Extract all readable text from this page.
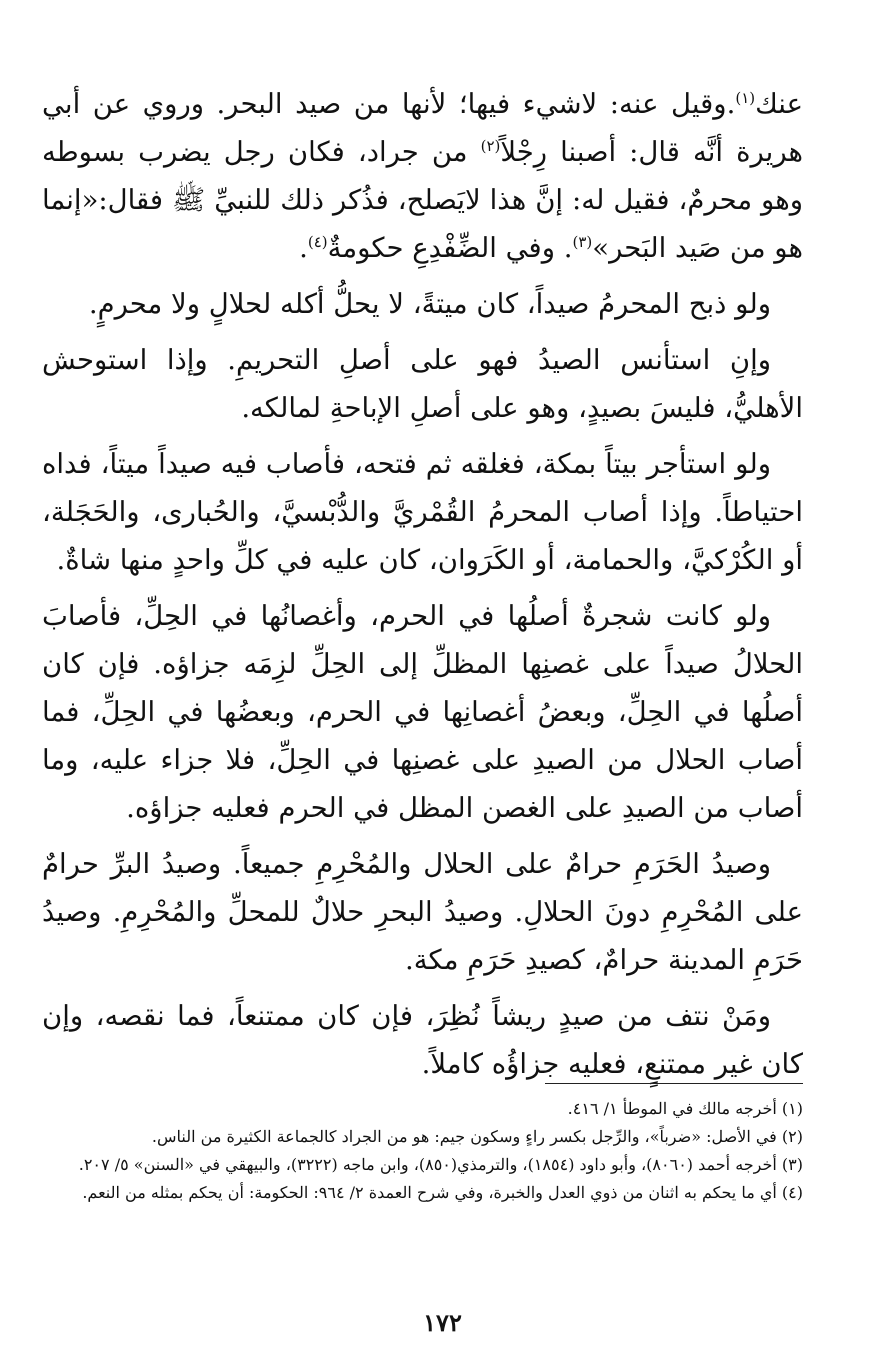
عنك$^{(١)}$.وقيل عنه: لاشيء فيها؛ لأنها من صيد البحر. وروي عن أبي هريرة أنَّه قال: أصبنا رِجْلاً$^{(٢)}$ من جراد، فكان رجل يضرب بسوطه وهو محرمٌ، فقيل له: إنَّ هذا لايَصلح، فذُكر ذلك للنبيِّ ﷺ فقال:«إنما هو من صَيد البَحر»$^{(٣)}$. وفي الضِّفْدِعِ حكومةٌ$^{(٤)}$.

ولو ذبح المحرمُ صيداً، كان ميتةً، لا يحلُّ أكله لحلالٍ ولا محرمٍ.

وإنِ استأنس الصيدُ فهو على أصلِ التحريمِ. وإذا استوحش الأهليُّ، فليسَ بصيدٍ، وهو على أصلِ الإباحةِ لمالكه.

ولو استأجر بيتاً بمكة، فغلقه ثم فتحه، فأصاب فيه صيداً ميتاً، فداه احتياطاً. وإذا أصاب المحرمُ القُمْريَّ والدُّبْسيَّ، والحُبارى، والحَجَلة، أو الكُرْكيَّ، والحمامة، أو الكَرَوان، كان عليه في كلِّ واحدٍ منها شاةٌ.

ولو كانت شجرةٌ أصلُها في الحرم، وأغصانُها في الحِلِّ، فأصابَ الحلالُ صيداً على غصنِها المظلِّ إلى الحِلِّ لزِمَه جزاؤه. فإن كان أصلُها في الحِلِّ، وبعضُ أغصانِها في الحرم، وبعضُها في الحِلِّ، فما أصاب الحلال من الصيدِ على غصنِها في الحِلِّ، فلا جزاء عليه، وما أصاب من الصيدِ على الغصن المظل في الحرم فعليه جزاؤه.

وصيدُ الحَرَمِ حرامٌ على الحلال والمُحْرِمِ جميعاً. وصيدُ البرِّ حرامٌ على المُحْرِمِ دونَ الحلالِ. وصيدُ البحرِ حلالٌ للمحلِّ والمُحْرِمِ. وصيدُ حَرَمِ المدينة حرامٌ، كصيدِ حَرَمِ مكة.

ومَنْ نتف من صيدٍ ريشاً نُظِرَ، فإن كان ممتنعاً، فما نقصه، وإن كان غير ممتنعٍ، فعليه جزاؤُه كاملاً.

(١) أخرجه مالك في الموطأ ١/ ٤١٦.

(٢) في الأصل: «ضرباً»، والرِّجل بكسر راءٍ وسكون جيم: هو من الجراد كالجماعة الكثيرة من الناس.

(٣) أخرجه أحمد (٨٠٦٠)، وأبو داود (١٨٥٤)، والترمذي(٨٥٠)، وابن ماجه (٣٢٢٢)، والبيهقي في «السنن» ٥/ ٢٠٧.

(٤) أي ما يحكم به اثنان من ذوي العدل والخبرة، وفي شرح العمدة ٢/ ٩٦٤: الحكومة: أن يحكم بمثله من النعم.

١٧٢
